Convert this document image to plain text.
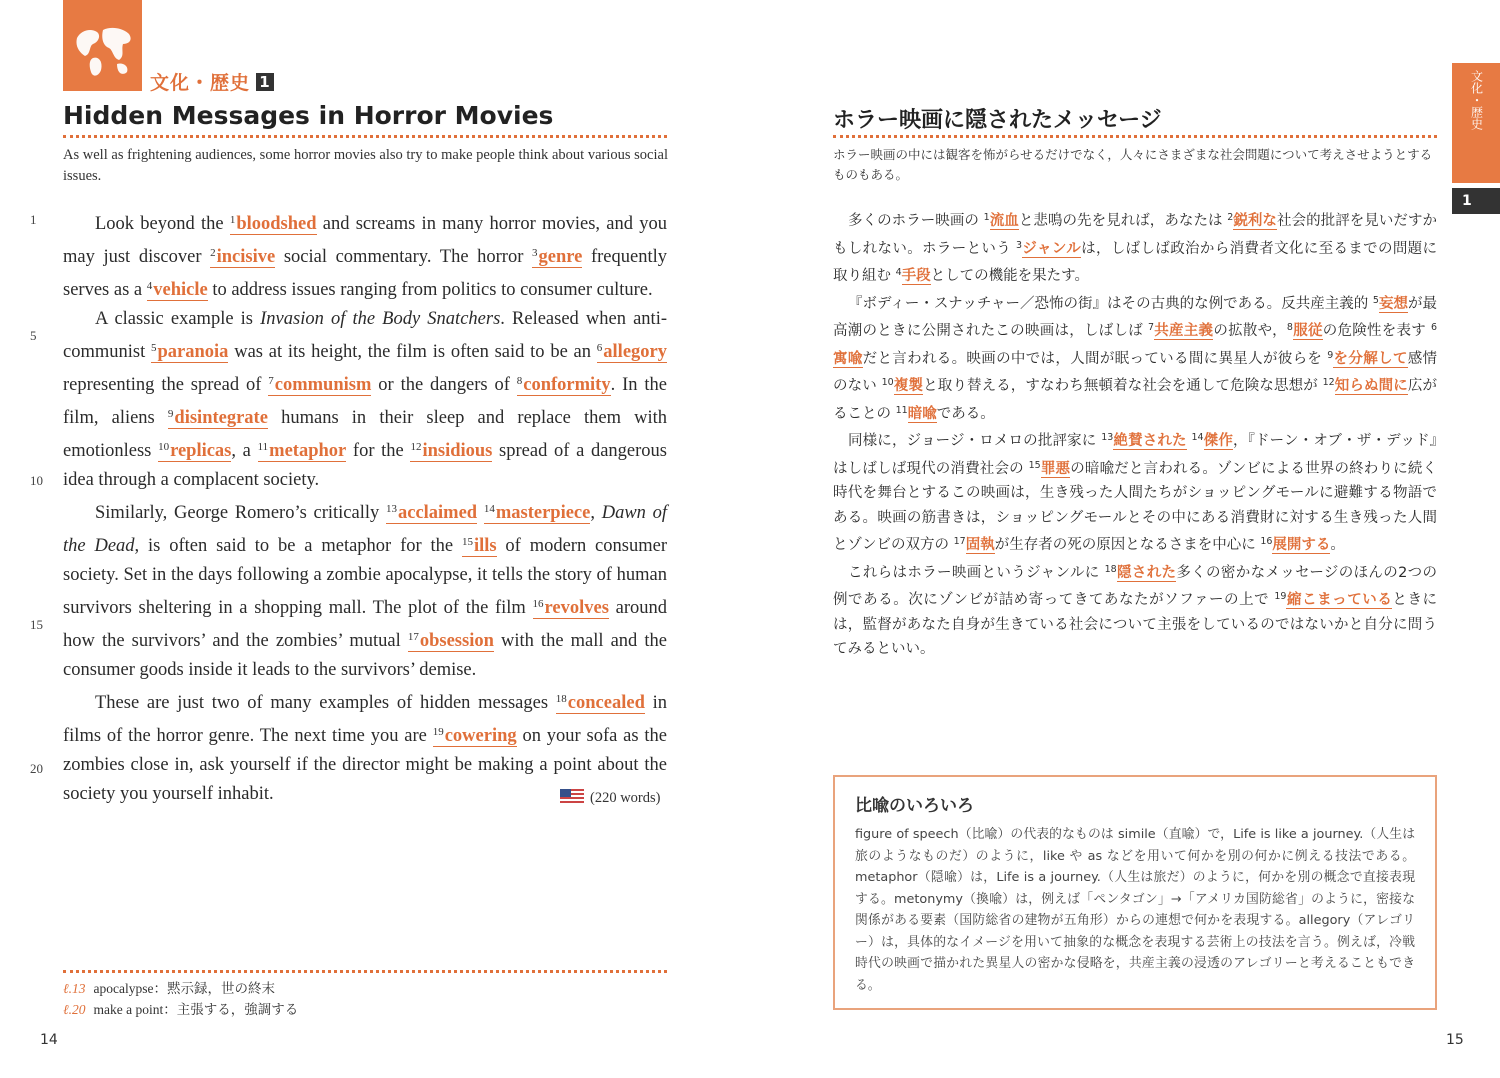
文化・歴史 1
Hidden Messages in Horror Movies
As well as frightening audiences, some horror movies also try to make people think about various social issues.
1
5
10
15
20

Look beyond the $^1$bloodshed and screams in many horror movies, and you may just discover $^2$incisive social commentary. The horror $^3$genre frequently serves as a $^4$vehicle to address issues ranging from politics to consumer culture.

A classic example is Invasion of the Body Snatchers. Released when anti-communist $^5$paranoia was at its height, the film is often said to be an $^6$allegory representing the spread of $^7$communism or the dangers of $^8$conformity. In the film, aliens $^9$disintegrate humans in their sleep and replace them with emotionless $^{10}$replicas, a $^{11}$metaphor for the $^{12}$insidious spread of a dangerous idea through a complacent society.

Similarly, George Romero’s critically $^{13}$acclaimed $^{14}$masterpiece, Dawn of the Dead, is often said to be a metaphor for the $^{15}$ills of modern consumer society. Set in the days following a zombie apocalypse, it tells the story of human survivors sheltering in a shopping mall. The plot of the film $^{16}$revolves around how the survivors’ and the zombies’ mutual $^{17}$obsession with the mall and the consumer goods inside it leads to the survivors’ demise.

These are just two of many examples of hidden messages $^{18}$concealed in films of the horror genre. The next time you are $^{19}$cowering on your sofa as the zombies close in, ask yourself if the director might be making a point about the society you yourself inhabit.	(220 words)
ℓ.13 apocalypse：黙示録，世の終末
ℓ.20 make a point：主張する，強調する
14
ホラー映画に隠されたメッセージ
ホラー映画の中には観客を怖がらせるだけでなく，人々にさまざまな社会問題について考えさせようとするものもある。

多くのホラー映画の $^1$流血と悲鳴の先を見れば，あなたは $^2$鋭利な社会的批評を見いだすかもしれない。ホラーという $^3$ジャンルは，しばしば政治から消費者文化に至るまでの問題に取り組む $^4$手段としての機能を果たす。

『ボディー・スナッチャー／恐怖の街』はその古典的な例である。反共産主義的 $^5$妄想が最高潮のときに公開されたこの映画は，しばしば $^7$共産主義の拡散や，$^8$服従の危険性を表す $^6$寓喩だと言われる。映画の中では，人間が眠っている間に異星人が彼らを $^9$を分解して感情のない $^{10}$複製と取り替える，すなわち無頓着な社会を通して危険な思想が $^{12}$知らぬ間に広がることの $^{11}$暗喩である。

同様に，ジョージ・ロメロの批評家に $^{13}$絶賛された $^{14}$傑作，『ドーン・オブ・ザ・デッド』はしばしば現代の消費社会の $^{15}$罪悪の暗喩だと言われる。ゾンビによる世界の終わりに続く時代を舞台とするこの映画は，生き残った人間たちがショッピングモールに避難する物語である。映画の筋書きは，ショッピングモールとその中にある消費財に対する生き残った人間とゾンビの双方の $^{17}$固執が生存者の死の原因となるさまを中心に $^{16}$展開する。

これらはホラー映画というジャンルに $^{18}$隠された多くの密かなメッセージのほんの2つの例である。次にゾンビが詰め寄ってきてあなたがソファーの上で $^{19}$縮こまっているときには，監督があなた自身が生きている社会について主張をしているのではないかと自分に問うてみるといい。

文化・歴史
1
比喩のいろいろ
figure of speech（比喩）の代表的なものは simile（直喩）で，Life is like a journey.（人生は旅のようなものだ）のように，like や as などを用いて何かを別の何かに例える技法である。metaphor（隠喩）は，Life is a journey.（人生は旅だ）のように，何かを別の概念で直接表現する。metonymy（換喩）は，例えば「ペンタゴン」→「アメリカ国防総省」のように，密接な関係がある要素（国防総省の建物が五角形）からの連想で何かを表現する。allegory（アレゴリー）は，具体的なイメージを用いて抽象的な概念を表現する芸術上の技法を言う。例えば，冷戦時代の映画で描かれた異星人の密かな侵略を，共産主義の浸透のアレゴリーと考えることもできる。
15
